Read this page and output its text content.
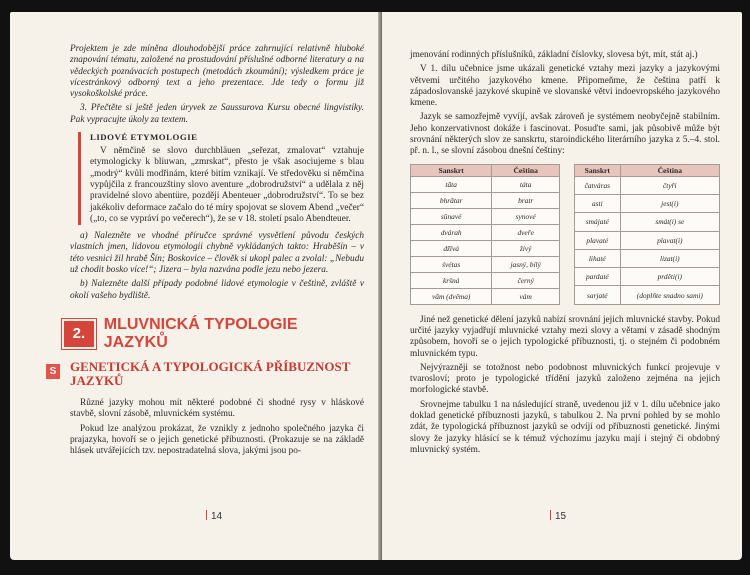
Projektem je zde míněna dlouhodobější práce zahrnující relativně hluboké znapování tématu, založené na prostudování příslušné odborné literatury a na vědeckých poznávacích postupech (metodách zkoumání); výsledkem práce je vícestránkový odborný text a jeho prezentace. Jde tedy o formu již vysokoškolské práce.

3. Přečtěte si ještě jeden úryvek ze Saussurova Kursu obecné lingvistiky. Pak vypracujte úkoly za textem.

LIDOVÉ ETYMOLOGIE

V němčině se slovo durchbläuen „seřezat, zmalovat“ vztahuje etymologicky k bliuwan, „zmrskat“, přesto je však asociujeme s blau „modrý“ kvůli modřinám, které bitím vznikají. Ve středověku si němčina vypůjčila z francouzštiny slovo aventure „dobrodružství“ a udělala z něj pravidelné slovo abentüre, později Abenteuer „dobrodružství“. To se bez jakékoliv deformace začalo do té míry spojovat se slovem Abend „večer“ („to, co se vypráví po večerech“), že se v 18. století psalo Abendteuer.

a) Nalezněte ve vhodné příručce správné vysvětlení původu českých vlastních jmen, lidovou etymologii chybně vykládaných takto: Hraběšín – v této vesnici žil hrabě Šín; Boskovice – člověk si ukopl palec a zvolal: „Nebudu už chodit bosko více!“; Jizera – byla nazvána podle jezu nebo jezera.

b) Nalezněte další případy podobné lidové etymologie v češtině, zvláště v okolí vašeho bydliště.

2.
MLUVNICKÁ TYPOLOGIE JAZYKŮ
S GENETICKÁ A TYPOLOGICKÁ PŘÍBUZNOST JAZYKŮ

Různé jazyky mohou mít některé podobné či shodné rysy v hláskové stavbě, slovní zásobě, mluvnickém systému.

Pokud lze analýzou prokázat, že vznikly z jednoho společného jazyka či prajazyka, hovoří se o jejich genetické příbuznosti. (Prokazuje se na základě hlásek utvářejících tzv. nepostradatelná slova, jakými jsou po-

14

jmenování rodinných příslušníků, základní číslovky, slovesa být, mít, stát aj.)

V 1. dílu učebnice jsme ukázali genetické vztahy mezi jazyky a jazykovými větvemi určitého jazykového kmene. Připomeňme, že čeština patří k západoslovanské jazykové skupině ve slovanské větvi indoevropského jazykového kmene.

Jazyk se samozřejmě vyvíjí, avšak zároveň je systémem neobyčejně stabilním. Jeho konzervativnost dokáže i fascinovat. Posuďte sami, jak působivě může být srovnání některých slov ze sanskrtu, staroindického literárního jazyka z 5.–4. stol. př. n. l., se slovní zásobou dnešní češtiny:

Sanskrt	Čeština
tāta	táta
bhrātar	bratr
sūnavé	synové
dvárah	dveře
džīvá	živý
śvétas	jasný, bílý
kršná	černý
vām (dvěma)	vám
Sanskrt	Čeština
čatváras	čtyři
asti	jest(i)
smájaté	smát(i) se
plavaté	plavat(i)
lihaté	lizat(i)
pardaté	prděti(i)
sarjaté	(doplňte snadno sami)

Jiné než genetické dělení jazyků nabízí srovnání jejich mluvnické stavby. Pokud určité jazyky vyjadřují mluvnické vztahy mezi slovy a větami v zásadě shodným způsobem, hovoří se o jejich typologické příbuznosti, tj. o stejném či podobném mluvnickém typu.

Nejvýrazněji se totožnost nebo podobnost mluvnických funkcí projevuje v tvarosloví; proto je typologické třídění jazyků založeno zejména na jejich morfologické stavbě.

Srovnejme tabulku 1 na následující straně, uvedenou již v 1. dílu učebnice jako doklad genetické příbuznosti jazyků, s tabulkou 2. Na první pohled by se mohlo zdát, že typologická příbuznost jazyků se odvíjí od příbuznosti genetické. Jinými slovy že jazyky hlásící se k témuž výchozímu jazyku mají i stejný či obdobný mluvnický systém.

15
